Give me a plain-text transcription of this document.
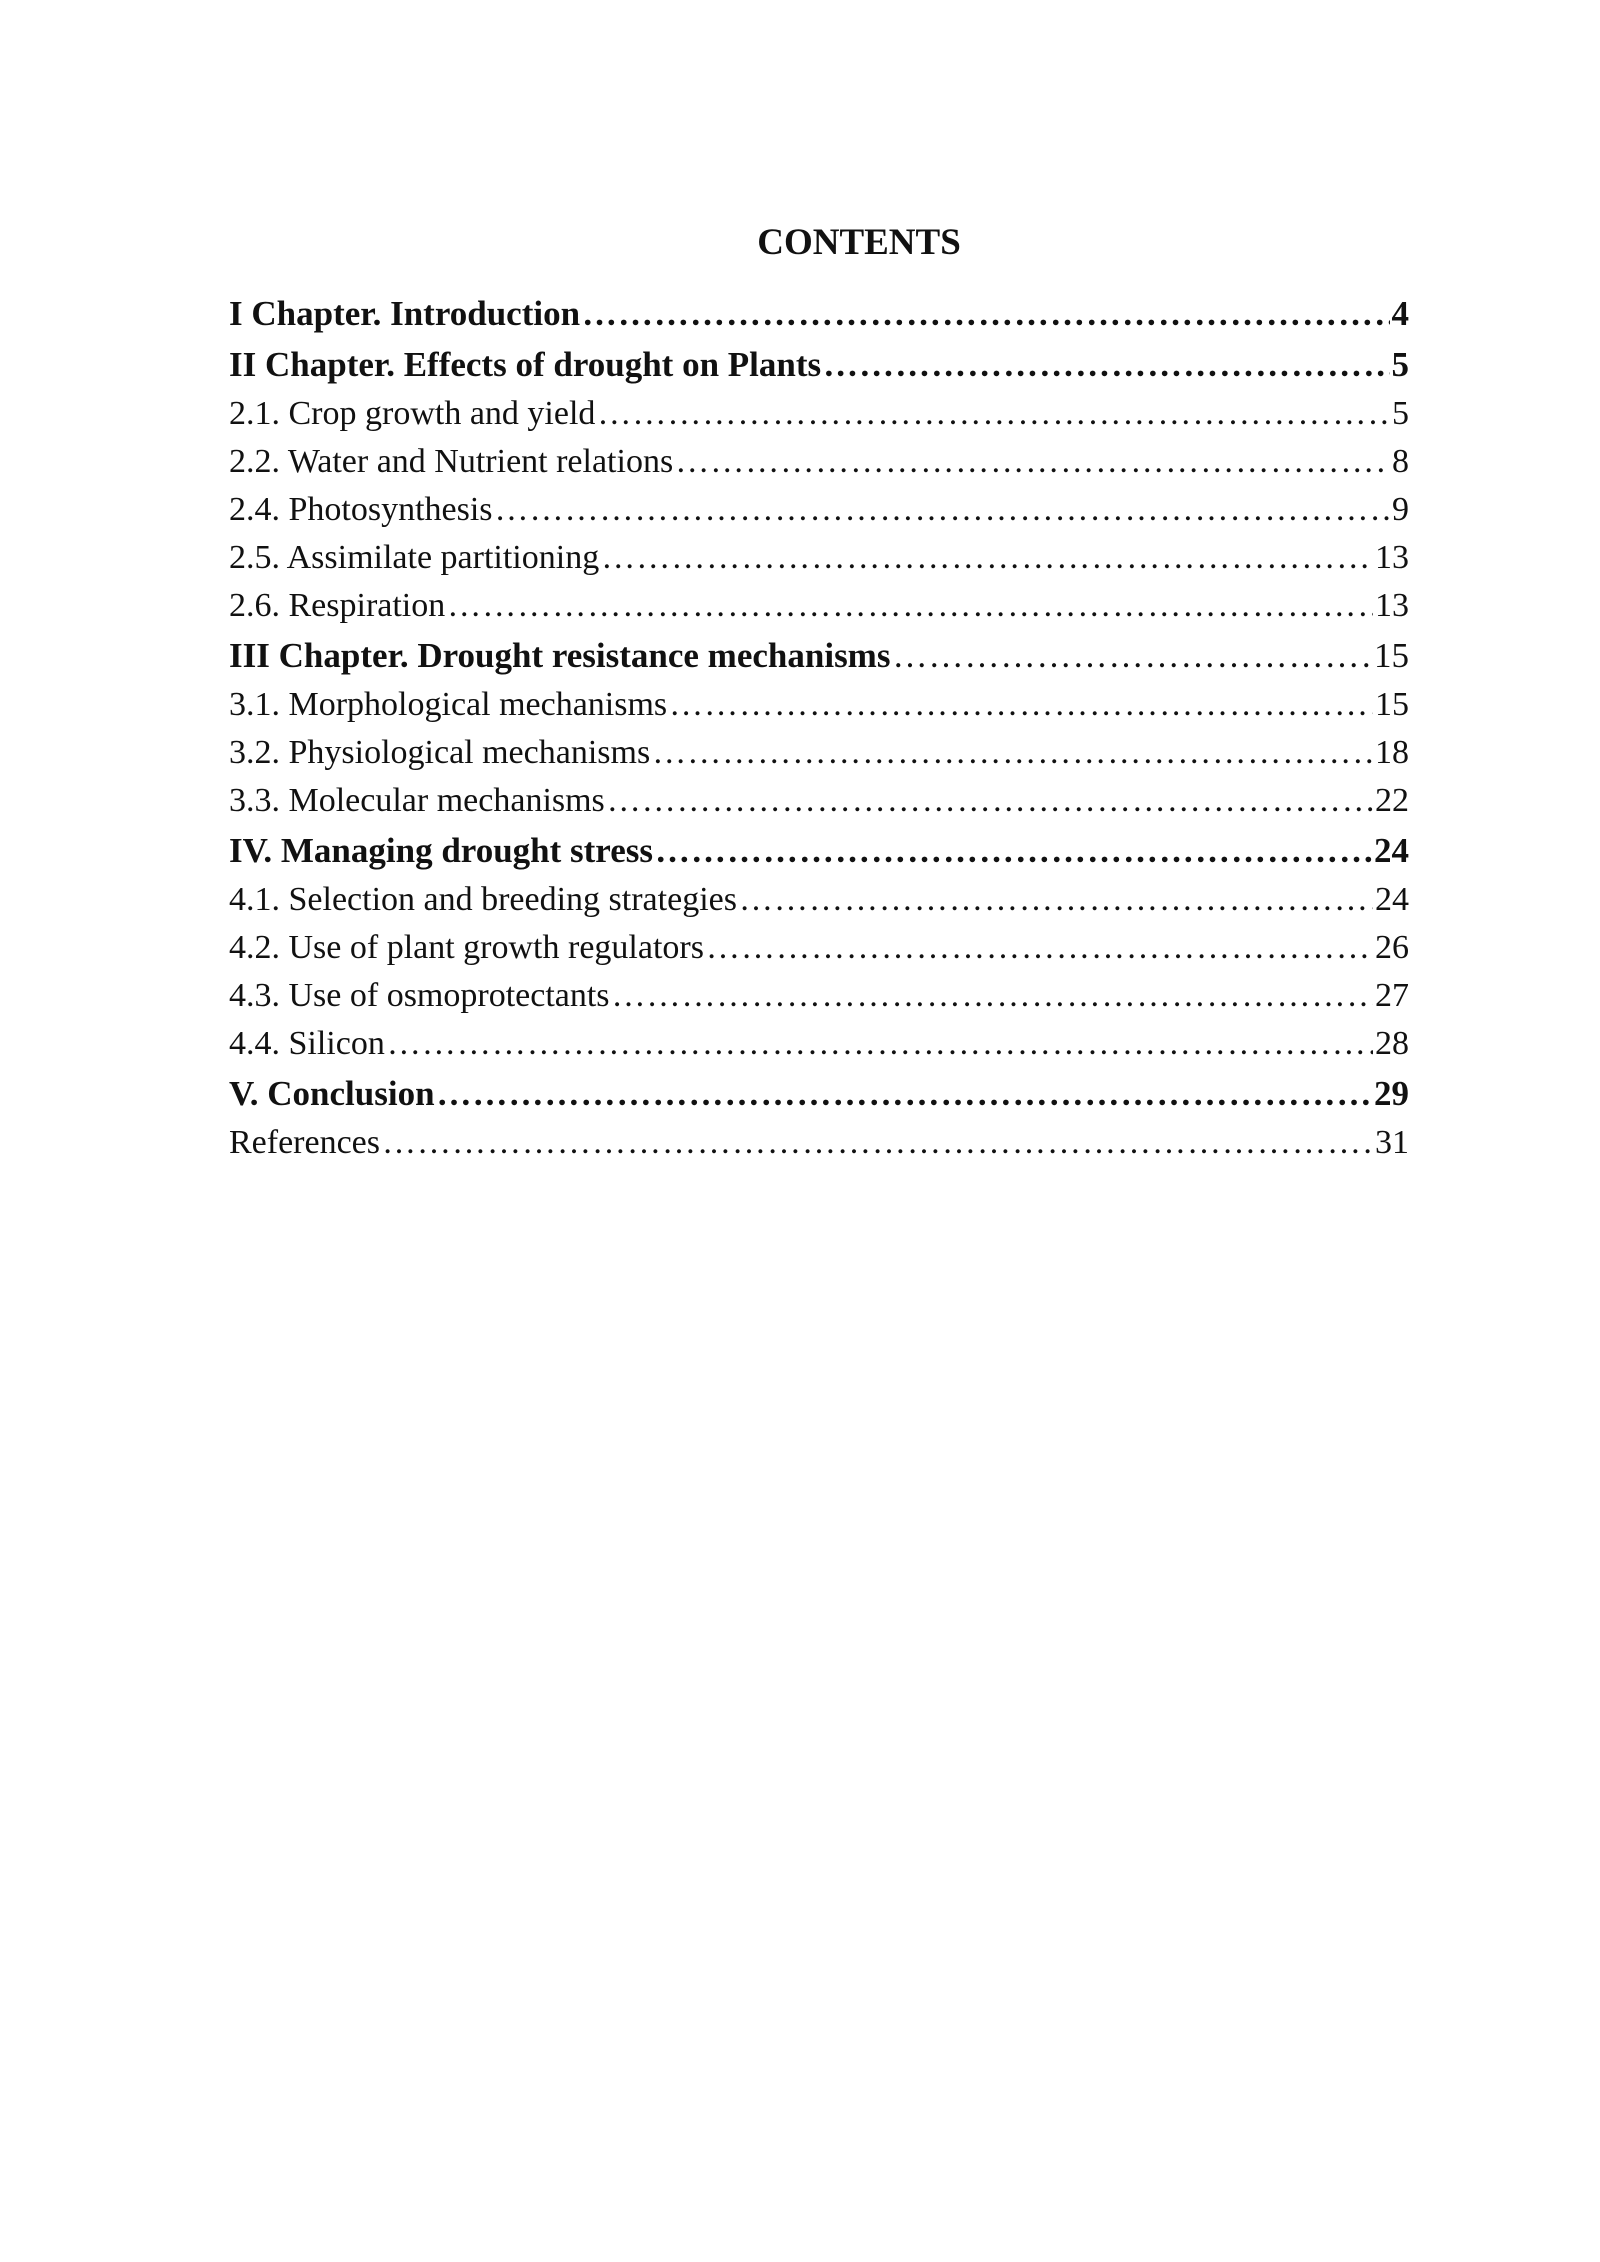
CONTENTS
I Chapter. Introduction ……………………………………………………………………………………………………………………………………………………………………	4
II Chapter. Effects of drought on Plants ……………………………………………………………………………………………………………………………………………………………………	5
2.1. Crop growth and yield ……………………………………………………………………………………………………………………………………………………………………	5
2.2. Water and Nutrient relations ……………………………………………………………………………………………………………………………………………………………………	8
2.4. Photosynthesis ……………………………………………………………………………………………………………………………………………………………………	9
2.5. Assimilate partitioning ……………………………………………………………………………………………………………………………………………………………………	13
2.6. Respiration ……………………………………………………………………………………………………………………………………………………………………	13
III Chapter. Drought resistance mechanisms ……………………………………………………………………………………………………………………………………………………………………	15
3.1. Morphological mechanisms ……………………………………………………………………………………………………………………………………………………………………	15
3.2. Physiological mechanisms ……………………………………………………………………………………………………………………………………………………………………	18
3.3. Molecular mechanisms ……………………………………………………………………………………………………………………………………………………………………	22
IV. Managing drought stress ……………………………………………………………………………………………………………………………………………………………………	24
4.1. Selection and breeding strategies ……………………………………………………………………………………………………………………………………………………………………	24
4.2. Use of plant growth regulators ……………………………………………………………………………………………………………………………………………………………………	26
4.3. Use of osmoprotectants ……………………………………………………………………………………………………………………………………………………………………	27
4.4. Silicon ……………………………………………………………………………………………………………………………………………………………………	28
V. Conclusion ……………………………………………………………………………………………………………………………………………………………………	29
References ……………………………………………………………………………………………………………………………………………………………………	31
